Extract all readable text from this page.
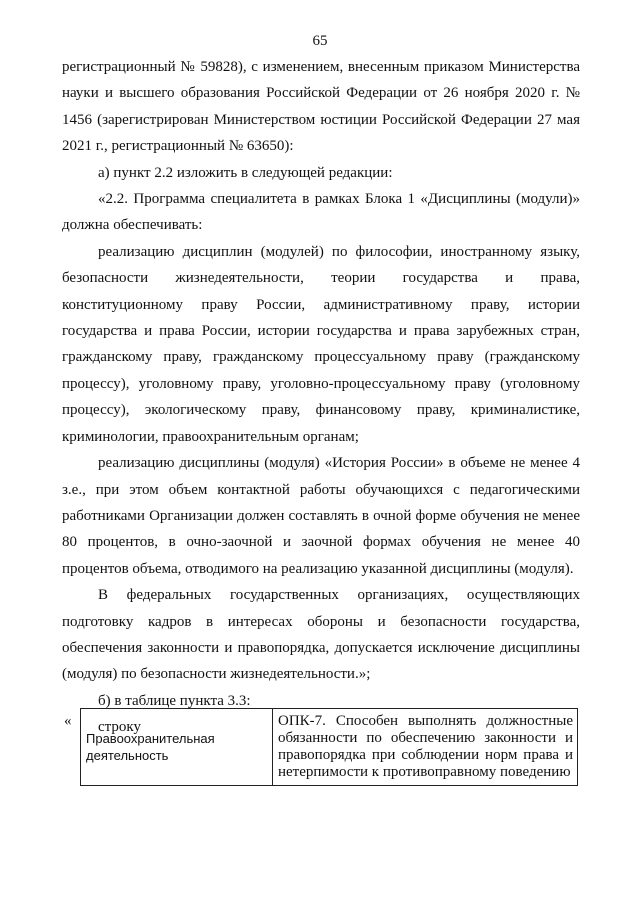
65

регистрационный № 59828), с изменением, внесенным приказом Министерства науки и высшего образования Российской Федерации от 26 ноября 2020 г. № 1456 (зарегистрирован Министерством юстиции Российской Федерации 27 мая 2021 г., регистрационный № 63650):

а) пункт 2.2 изложить в следующей редакции:

«2.2. Программа специалитета в рамках Блока 1 «Дисциплины (модули)» должна обеспечивать:

реализацию дисциплин (модулей) по философии, иностранному языку, безопасности жизнедеятельности, теории государства и права, конституционному праву России, административному праву, истории государства и права России, истории государства и права зарубежных стран, гражданскому праву, гражданскому процессуальному праву (гражданскому процессу), уголовному праву, уголовно-процессуальному праву (уголовному процессу), экологическому праву, финансовому праву, криминалистике, криминологии, правоохранительным органам;

реализацию дисциплины (модуля) «История России» в объеме не менее 4 з.е., при этом объем контактной работы обучающихся с педагогическими работниками Организации должен составлять в очной форме обучения не менее 80 процентов, в очно-заочной и заочной формах обучения не менее 40 процентов объема, отводимого на реализацию указанной дисциплины (модуля).

В федеральных государственных организациях, осуществляющих подготовку кадров в интересах обороны и безопасности государства, обеспечения законности и правопорядка, допускается исключение дисциплины (модуля) по безопасности жизнедеятельности.»;

б) в таблице пункта 3.3:

строку

«
Правоохранительная деятельность	ОПК-7. Способен выполнять должностные обязанности по обеспечению законности и правопорядка при соблюдении норм права и нетерпимости к противоправному поведению
